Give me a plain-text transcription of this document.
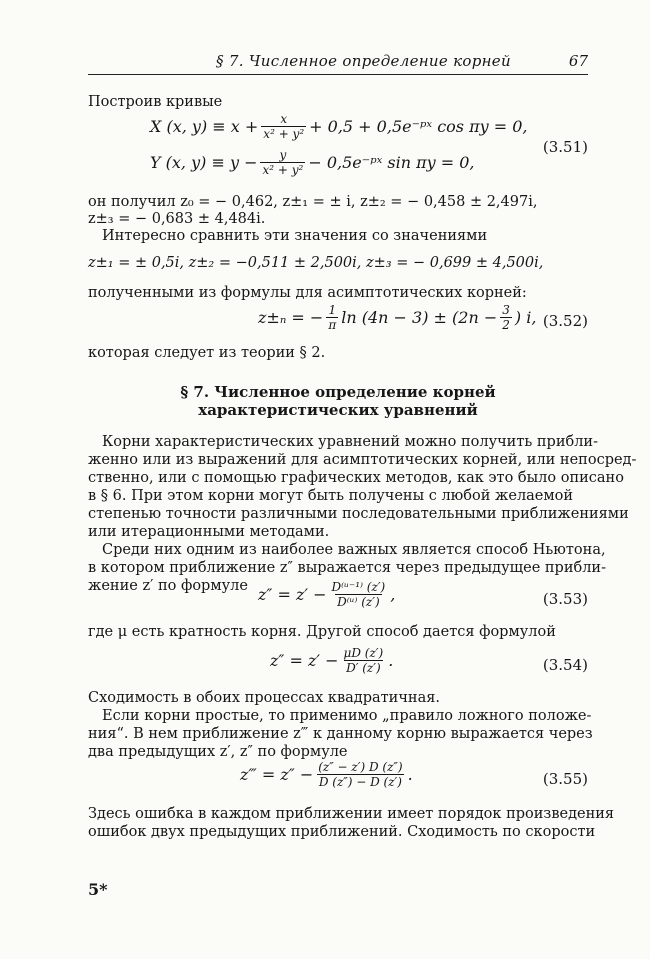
§ 7. Численное определение корней	67
Построив кривые
X (x, $y) \equiv x + \frac{x}{\text{x² + y²}} + 0,5$ + 0,5e⁻ᵖˣ cos πy = 0,
Y (x, $y) \equiv y - \frac{y}{\text{x² + y²}}$ − 0,5e⁻ᵖˣ sin πy = 0,
(3.51)
он получил z₀ = − 0,462, z±₁ = ± i, z±₂ = − 0,458 ± 2,497i,
z±₃ = − 0,683 ± 4,484i.
Интересно сравнить эти значения со значениями
z±₁ = ± 0,5i, z±₂ = −0,511 ± 2,500i, z±₃ = − 0,699 ± 4,500i,
полученными из формулы для асимптотических корней:
z±ₙ = − $\frac{1}{\pi}$ $\ln (4n - 3) \pm (2n - \frac{3}{2}$ ) i, (3.52)
которая следует из теории § 2.
§ 7. Численное определение корней
характеристических уравнений
Корни характеристических уравнений можно получить прибли-
женно или из выражений для асимптотических корней, или непосред-
ственно, или с помощью графических методов, как это было описано
в § 6. При этом корни могут быть получены с любой желаемой
степенью точности различными последовательными приближениями
или итерационными методами.
Среди них одним из наиболее важных является способ Ньютона,
в котором приближение z″ выражается через предыдущее прибли-
жение z′ по формуле $z'' = z' - \frac{\text{D⁽ᵘ⁻¹⁾ (z′)}}{\text{D⁽ᵘ⁾ (z′)}}$ ,	(3.53)
где μ есть кратность корня. Другой способ дается формулой
$z'' = z' - \frac{\mu D (z')}{D' (z')}$ .	(3.54)
Сходимость в обоих процессах квадратичная.
Если корни простые, то применимо „правило ложного положе-
ния“. В нем приближение z‴ к данному корню выражается через
два предыдущих z′, z″ по формуле
z‴ = $z'' - \frac{(z'' - z') D (z'')}{D (z'') - D (z')}$ .	(3.55)
Здесь ошибка в каждом приближении имеет порядок произведения
ошибок двух предыдущих приближений. Сходимость по скорости
5*
